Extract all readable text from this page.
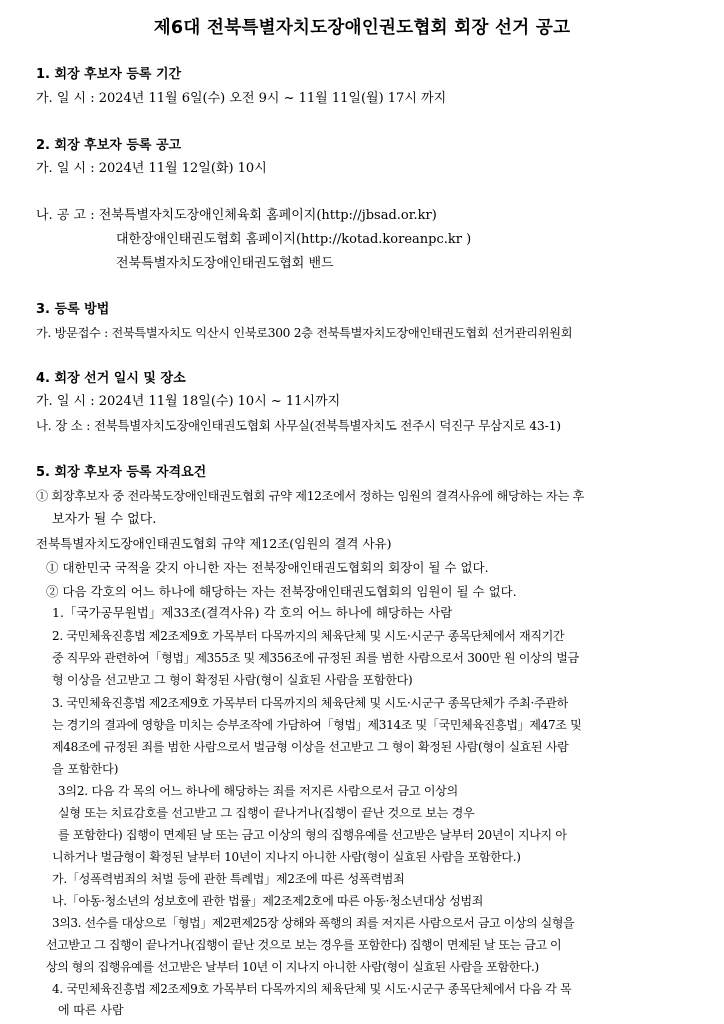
제6대 전북특별자치도장애인권도협회 회장 선거 공고
1. 회장 후보자 등록 기간
가. 일 시 : 2024년 11월 6일(수) 오전 9시 ~ 11월 11일(월) 17시 까지
2. 회장 후보자 등록 공고
가. 일 시 : 2024년 11월 12일(화) 10시
나. 공 고 : 전북특별자치도장애인체육회 홈페이지(http://jbsad.or.kr)
대한장애인태권도협회 홈페이지(http://kotad.koreanpc.kr )
전북특별자치도장애인태권도협회 밴드
3. 등록 방법
가. 방문접수 : 전북특별자치도 익산시 인북로300 2층 전북특별자치도장애인태권도협회 선거관리위원회
4. 회장 선거 일시 및 장소
가. 일 시 : 2024년 11월 18일(수) 10시 ~ 11시까지
나. 장 소 : 전북특별자치도장애인태권도협회 사무실(전북특별자치도 전주시 덕진구 무삼지로 43-1)
5. 회장 후보자 등록 자격요건
① 회장후보자 중 전라북도장애인태권도협회 규약 제12조에서 정하는 임원의 결격사유에 해당하는 자는 후
보자가 될 수 없다.
전북특별자치도장애인태권도협회 규약 제12조(임원의 결격 사유)
① 대한민국 국적을 갖지 아니한 자는 전북장애인태권도협회의 회장이 될 수 없다.
② 다음 각호의 어느 하나에 해당하는 자는 전북장애인태권도협회의 임원이 될 수 없다.
1.「국가공무원법」제33조(결격사유) 각 호의 어느 하나에 해당하는 사람
2. 국민체육진흥법 제2조제9호 가목부터 다목까지의 체육단체 및 시도·시군구 종목단체에서 재직기간
중 직무와 관련하여「형법」제355조 및 제356조에 규정된 죄를 범한 사람으로서 300만 원 이상의 벌금
형 이상을 선고받고 그 형이 확정된 사람(형이 실효된 사람을 포함한다)
3. 국민체육진흥법 제2조제9호 가목부터 다목까지의 체육단체 및 시도·시군구 종목단체가 주최·주관하
는 경기의 결과에 영향을 미치는 승부조작에 가담하여「형법」제314조 및「국민체육진흥법」제47조 및
제48조에 규정된 죄를 범한 사람으로서 벌금형 이상을 선고받고 그 형이 확정된 사람(형이 실효된 사람
을 포함한다)
3의2. 다음 각 목의 어느 하나에 해당하는 죄를 저지른 사람으로서 금고 이상의
실형 또는 치료감호를 선고받고 그 집행이 끝나거나(집행이 끝난 것으로 보는 경우
를 포함한다) 집행이 면제된 날 또는 금고 이상의 형의 집행유예를 선고받은 날부터 20년이 지나지 아
니하거나 벌금형이 확정된 날부터 10년이 지나지 아니한 사람(형이 실효된 사람을 포함한다.)
가.「성폭력범죄의 처벌 등에 관한 특례법」제2조에 따른 성폭력범죄
나.「아동·청소년의 성보호에 관한 법률」제2조제2호에 따른 아동·청소년대상 성범죄
3의3. 선수를 대상으로「형법」제2편제25장 상해와 폭행의 죄를 저지른 사람으로서 금고 이상의 실형을
선고받고 그 집행이 끝나거나(집행이 끝난 것으로 보는 경우를 포함한다) 집행이 면제된 날 또는 금고 이
상의 형의 집행유예를 선고받은 날부터 10년 이 지나지 아니한 사람(형이 실효된 사람을 포함한다.)
4. 국민체육진흥법 제2조제9호 가목부터 다목까지의 체육단체 및 시도·시군구 종목단체에서 다음 각 목
에 따른 사람
